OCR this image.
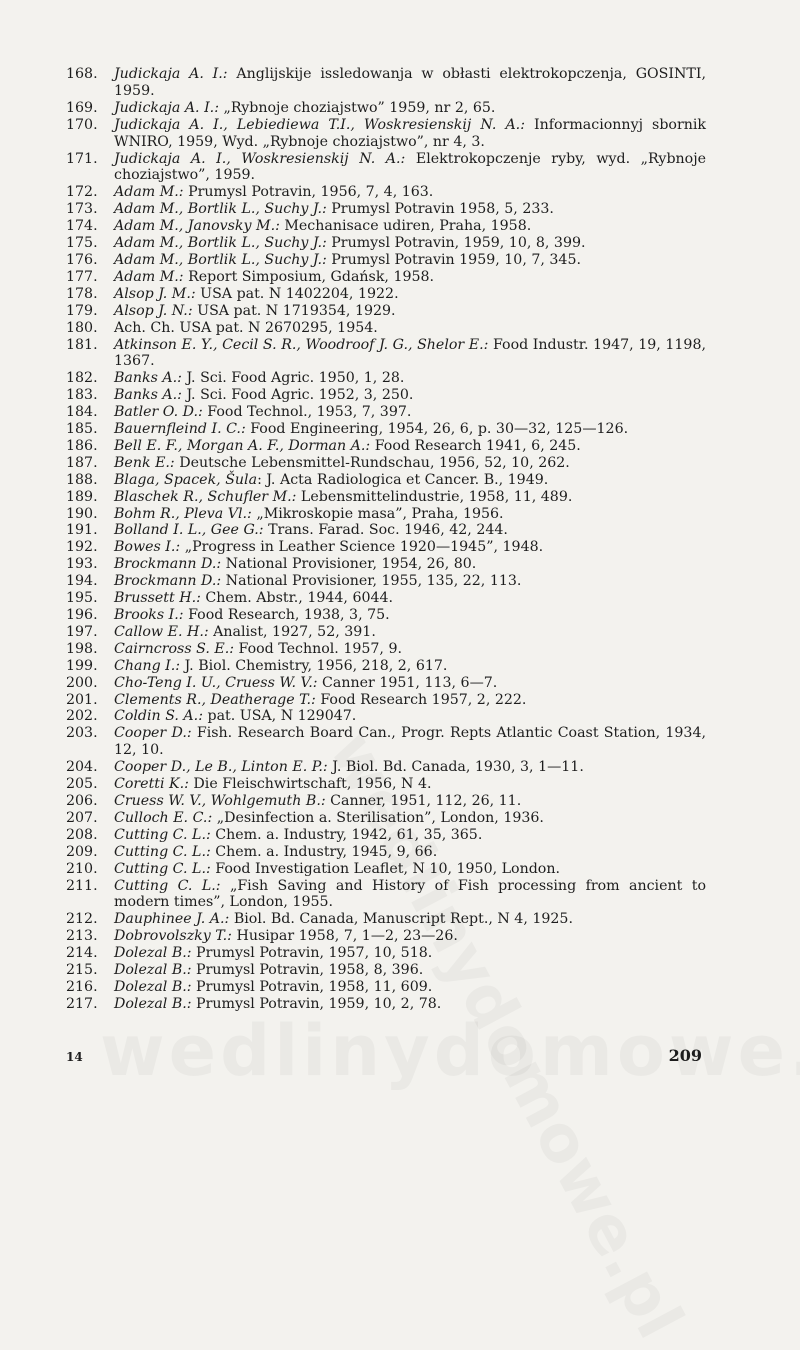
168.	Judickaja A. I.: Anglijskije issledowanja w obłasti elektrokopczenja, GOSINTI, 1959.
169.	Judickaja A. I.: „Rybnoje choziajstwo” 1959, nr 2, 65.
170.	Judickaja A. I., Lebiediewa T.I., Woskresienskij N. A.: Informacionnyj sbornik WNIRO, 1959, Wyd. „Rybnoje choziajstwo”, nr 4, 3.
171.	Judickaja A. I., Woskresienskij N. A.: Elektrokopczenje ryby, wyd. „Rybnoje choziajstwo”, 1959.
172.	Adam M.: Prumysl Potravin, 1956, 7, 4, 163.
173.	Adam M., Bortlik L., Suchy J.: Prumysl Potravin 1958, 5, 233.
174.	Adam M., Janovsky M.: Mechanisace udiren, Praha, 1958.
175.	Adam M., Bortlik L., Suchy J.: Prumysl Potravin, 1959, 10, 8, 399.
176.	Adam M., Bortlik L., Suchy J.: Prumysl Potravin 1959, 10, 7, 345.
177.	Adam M.: Report Simposium, Gdańsk, 1958.
178.	Alsop J. M.: USA pat. N 1402204, 1922.
179.	Alsop J. N.: USA pat. N 1719354, 1929.
180.	Ach. Ch. USA pat. N 2670295, 1954.
181.	Atkinson E. Y., Cecil S. R., Woodroof J. G., Shelor E.: Food Industr. 1947, 19, 1198, 1367.
182.	Banks A.: J. Sci. Food Agric. 1950, 1, 28.
183.	Banks A.: J. Sci. Food Agric. 1952, 3, 250.
184.	Batler O. D.: Food Technol., 1953, 7, 397.
185.	Bauernfleind I. C.: Food Engineering, 1954, 26, 6, p. 30—32, 125—126.
186.	Bell E. F., Morgan A. F., Dorman A.: Food Research 1941, 6, 245.
187.	Benk E.: Deutsche Lebensmittel-Rundschau, 1956, 52, 10, 262.
188.	Blaga, Spacek, Šula: J. Acta Radiologica et Cancer. B., 1949.
189.	Blaschek R., Schufler M.: Lebensmittelindustrie, 1958, 11, 489.
190.	Bohm R., Pleva Vl.: „Mikroskopie masa”, Praha, 1956.
191.	Bolland I. L., Gee G.: Trans. Farad. Soc. 1946, 42, 244.
192.	Bowes I.: „Progress in Leather Science 1920—1945”, 1948.
193.	Brockmann D.: National Provisioner, 1954, 26, 80.
194.	Brockmann D.: National Provisioner, 1955, 135, 22, 113.
195.	Brussett H.: Chem. Abstr., 1944, 6044.
196.	Brooks I.: Food Research, 1938, 3, 75.
197.	Callow E. H.: Analist, 1927, 52, 391.
198.	Cairncross S. E.: Food Technol. 1957, 9.
199.	Chang I.: J. Biol. Chemistry, 1956, 218, 2, 617.
200.	Cho-Teng I. U., Cruess W. V.: Canner 1951, 113, 6—7.
201.	Clements R., Deatherage T.: Food Research 1957, 2, 222.
202.	Coldin S. A.: pat. USA, N 129047.
203.	Cooper D.: Fish. Research Board Can., Progr. Repts Atlantic Coast Station, 1934, 12, 10.
204.	Cooper D., Le B., Linton E. P.: J. Biol. Bd. Canada, 1930, 3, 1—11.
205.	Coretti K.: Die Fleischwirtschaft, 1956, N 4.
206.	Cruess W. V., Wohlgemuth B.: Canner, 1951, 112, 26, 11.
207.	Culloch E. C.: „Desinfection a. Sterilisation”, London, 1936.
208.	Cutting C. L.: Chem. a. Industry, 1942, 61, 35, 365.
209.	Cutting C. L.: Chem. a. Industry, 1945, 9, 66.
210.	Cutting C. L.: Food Investigation Leaflet, N 10, 1950, London.
211.	Cutting C. L.: „Fish Saving and History of Fish processing from ancient to modern times”, London, 1955.
212.	Dauphinee J. A.: Biol. Bd. Canada, Manuscript Rept., N 4, 1925.
213.	Dobrovolszky T.: Husipar 1958, 7, 1—2, 23—26.
214.	Dolezal B.: Prumysl Potravin, 1957, 10, 518.
215.	Dolezal B.: Prumysl Potravin, 1958, 8, 396.
216.	Dolezal B.: Prumysl Potravin, 1958, 11, 609.
217.	Dolezal B.: Prumysl Potravin, 1959, 10, 2, 78.
14	209
